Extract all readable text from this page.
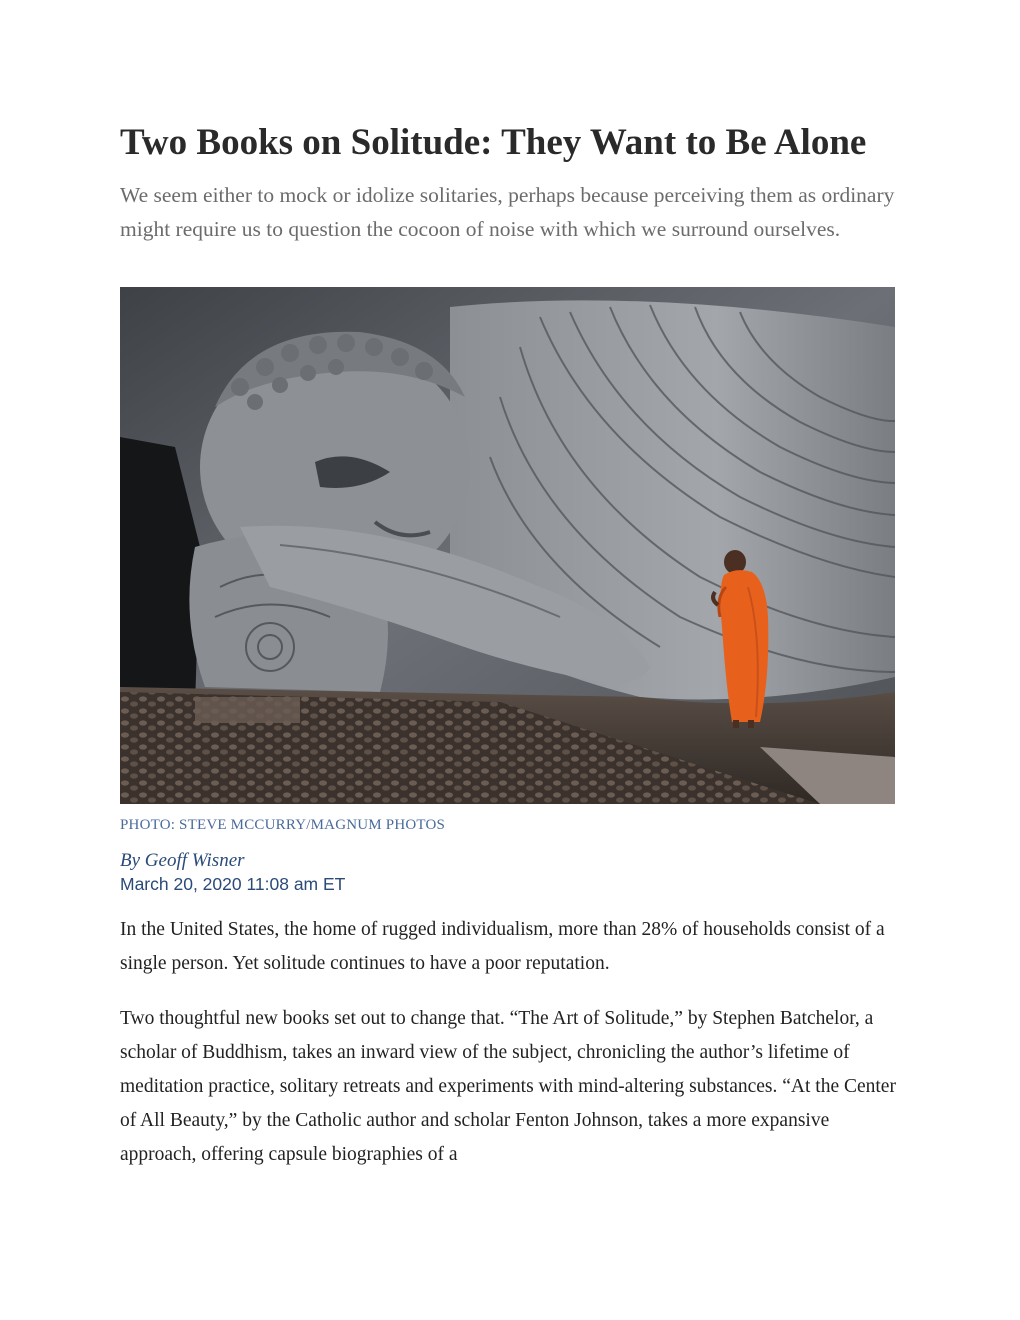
Two Books on Solitude: They Want to Be Alone

We seem either to mock or idolize solitaries, perhaps because perceiving them as ordinary might require us to question the cocoon of noise with which we surround ourselves.

PHOTO: STEVE MCCURRY/MAGNUM PHOTOS
By Geoff Wisner
March 20, 2020 11:08 am ET

In the United States, the home of rugged individualism, more than 28% of households consist of a single person. Yet solitude continues to have a poor reputation.

Two thoughtful new books set out to change that. “The Art of Solitude,” by Stephen Batchelor, a scholar of Buddhism, takes an inward view of the subject, chronicling the author’s lifetime of meditation practice, solitary retreats and experiments with mind-altering substances. “At the Center of All Beauty,” by the Catholic author and scholar Fenton Johnson, takes a more expansive approach, offering capsule biographies of a
